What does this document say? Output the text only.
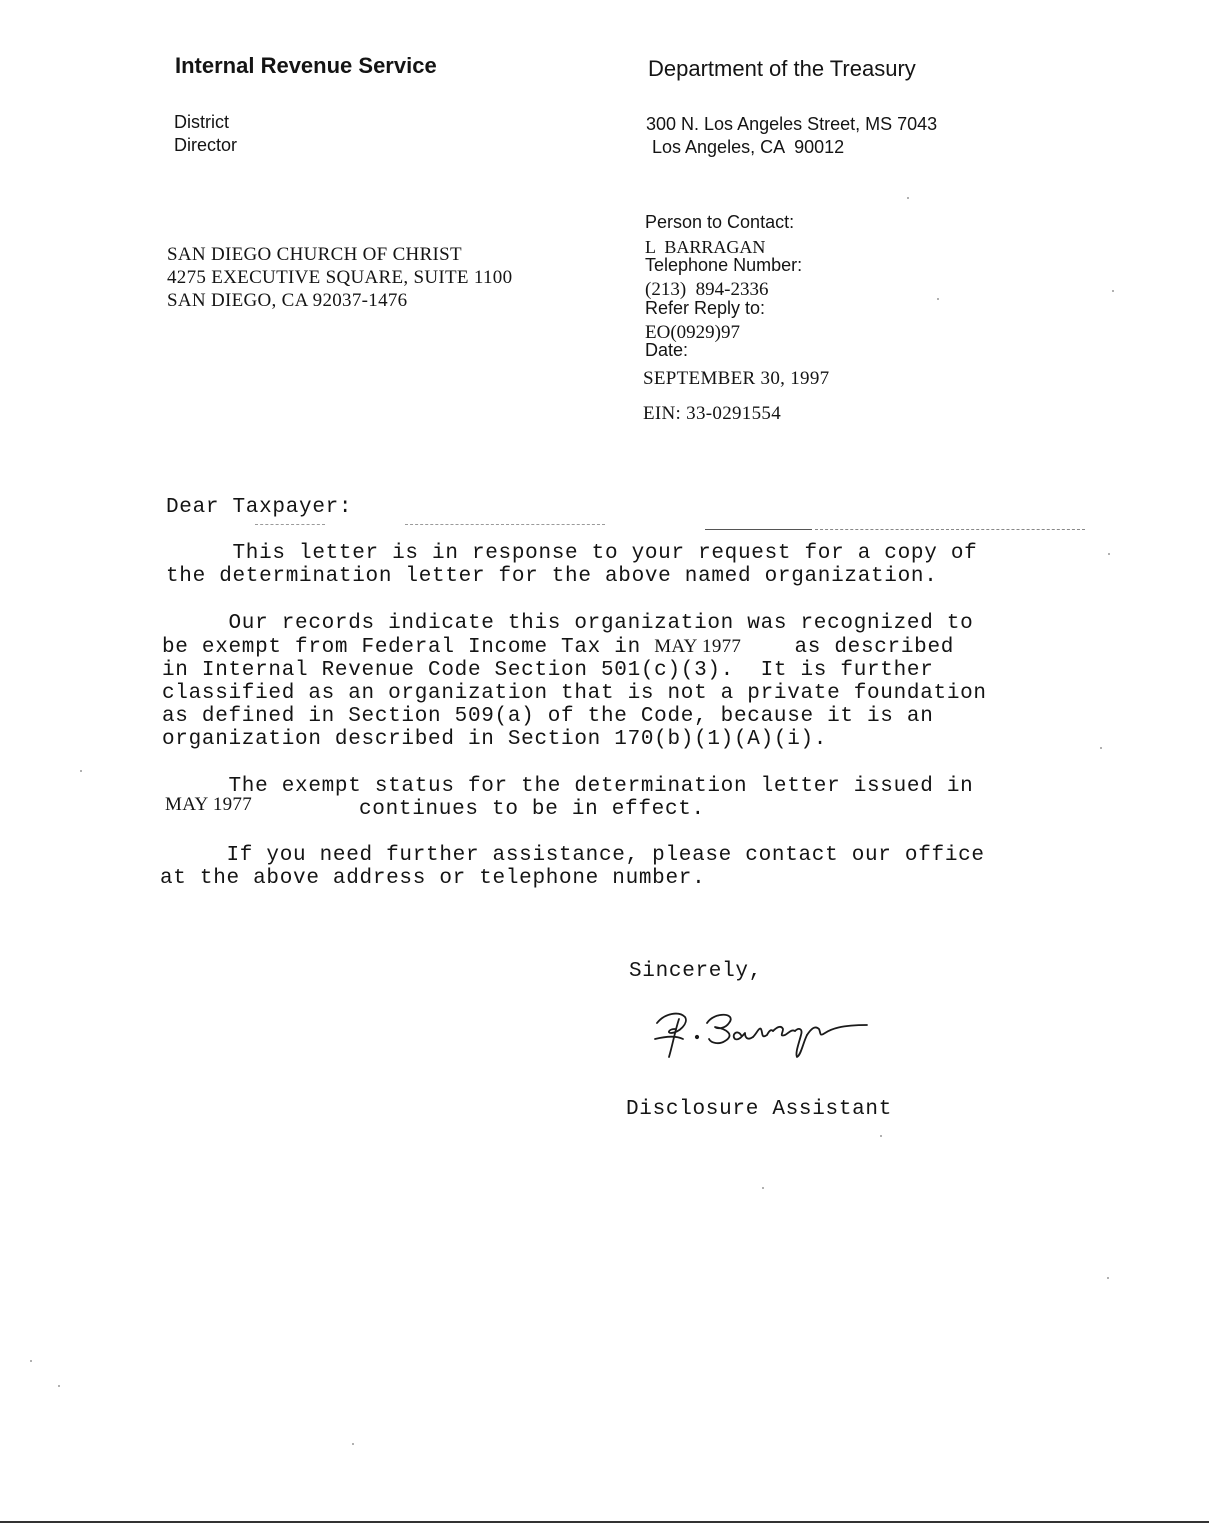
Internal Revenue Service	Department of the Treasury
District
Director
300 N. Los Angeles Street, MS 7043
Los Angeles, CA  90012
SAN DIEGO CHURCH OF CHRIST
4275 EXECUTIVE SQUARE, SUITE 1100
SAN DIEGO, CA 92037-1476
Person to Contact:
L  BARRAGAN
Telephone Number:
(213)  894-2336
Refer Reply to:
EO(0929)97
Date:
SEPTEMBER 30, 1997
EIN: 33-0291554
Dear Taxpayer:
This letter is in response to your request for a copy of
the determination letter for the above named organization.
Our records indicate this organization was recognized to
be exempt from Federal Income Tax in MAY 1977    as described
in Internal Revenue Code Section 501(c)(3).  It is further
classified as an organization that is not a private foundation
as defined in Section 509(a) of the Code, because it is an
organization described in Section 170(b)(1)(A)(i).
The exempt status for the determination letter issued in
MAY 1977	continues to be in effect.
If you need further assistance, please contact our office
at the above address or telephone number.
Sincerely,
Disclosure Assistant
